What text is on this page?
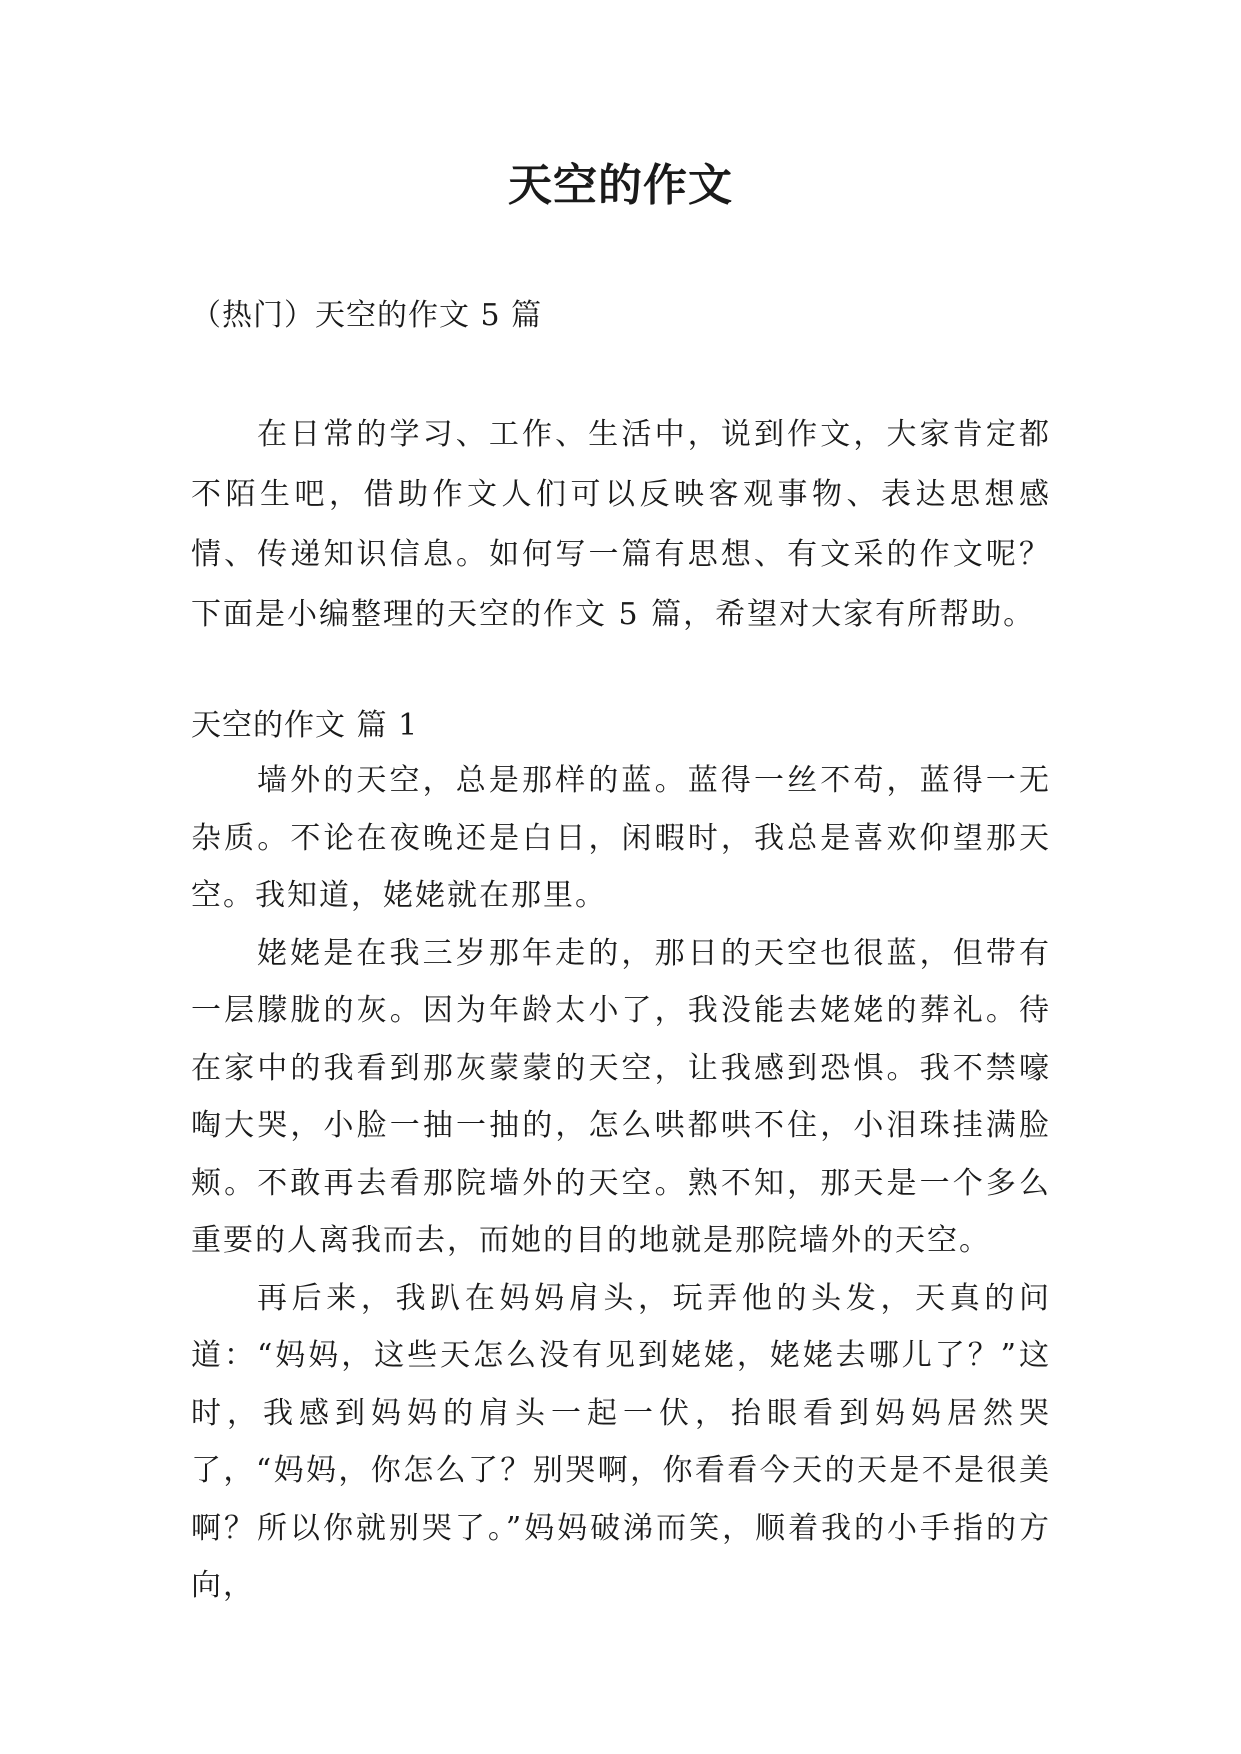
天空的作文
（热门）天空的作文 5 篇

在日常的学习、工作、生活中，说到作文，大家肯定都不陌生吧，借助作文人们可以反映客观事物、表达思想感情、传递知识信息。如何写一篇有思想、有文采的作文呢？下面是小编整理的天空的作文 5 篇，希望对大家有所帮助。

天空的作文 篇 1

墙外的天空，总是那样的蓝。蓝得一丝不苟，蓝得一无杂质。不论在夜晚还是白日，闲暇时，我总是喜欢仰望那天空。我知道，姥姥就在那里。

姥姥是在我三岁那年走的，那日的天空也很蓝，但带有一层朦胧的灰。因为年龄太小了，我没能去姥姥的葬礼。待在家中的我看到那灰蒙蒙的天空，让我感到恐惧。我不禁嚎啕大哭，小脸一抽一抽的，怎么哄都哄不住，小泪珠挂满脸颊。不敢再去看那院墙外的天空。熟不知，那天是一个多么重要的人离我而去，而她的目的地就是那院墙外的天空。

再后来，我趴在妈妈肩头，玩弄他的头发，天真的问道：“妈妈，这些天怎么没有见到姥姥，姥姥去哪儿了？”这时，我感到妈妈的肩头一起一伏，抬眼看到妈妈居然哭了，“妈妈，你怎么了？别哭啊，你看看今天的天是不是很美啊？所以你就别哭了。”妈妈破涕而笑，顺着我的小手指的方向，
